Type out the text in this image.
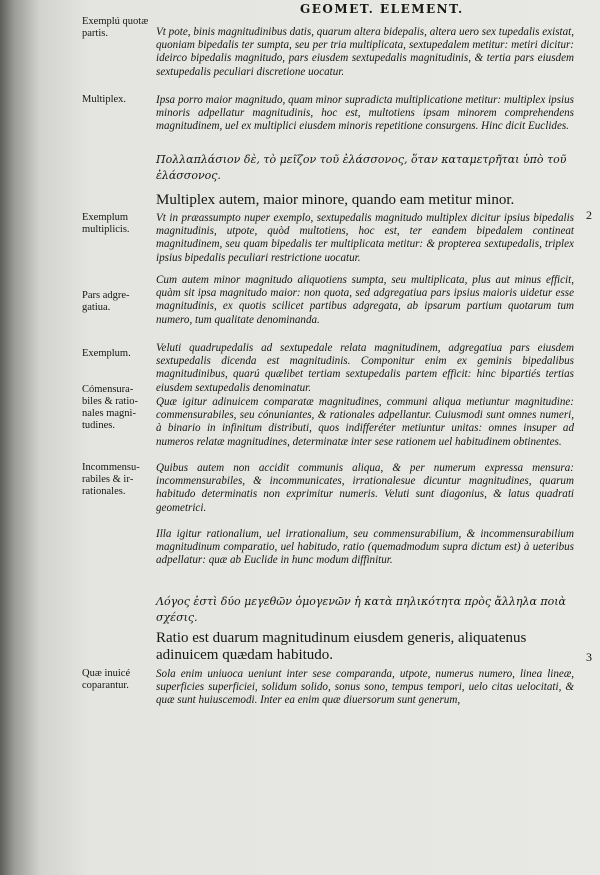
GEOMET. ELEMENT.
Exemplú quotæ partis.
Multiplex.
Exemplum multiplicis.
Pars adgregatiua.
Exemplum.
Cómensurabiles & rationales magnitudines.
Incommensurabiles & irrationales.
Quæ inuicé coparantur.
Vt pote, binis magnitudinibus datis, quarum altera bidepalis, altera uero sex tupedalis existat, quoniam bipedalis ter sumpta, seu per tria multiplicata, sextupedalem metitur: metiri dicitur: ideirco bipedalis magnitudo, pars eiusdem sextupedalis magnitudinis, & tertia pars eiusdem sextupedalis peculiari discretione uocatur.
Ipsa porro maior magnitudo, quam minor supradicta multiplicatione metitur: multiplex ipsius minoris adpellatur magnitudinis, hoc est, multotiens ipsam minorem comprehendens magnitudinem, uel ex multiplici eiusdem minoris repetitione consurgens. Hinc dicit Euclides.
Πολλαπλάσιον δὲ, τὸ μεῖζον τοῦ ἐλάσσονος, ὅταν καταμετρῆται ὑπὸ τοῦ ἐλάσσονος.
Multiplex autem, maior minore, quando eam metitur minor.
2
Vt in præassumpto nuper exemplo, sextupedalis magnitudo multiplex dicitur ipsius bipedalis magnitudinis, utpote, quòd multotiens, hoc est, ter eandem bipedalem contineat magnitudinem, seu quam bipedalis ter multiplicata metitur: & propterea sextupedalis, triplex ipsius bipedalis peculiari restrictione uocatur.
Cum autem minor magnitudo aliquotiens sumpta, seu multiplicata, plus aut minus efficit, quàm sit ipsa magnitudo maior: non quota, sed adgregatiua pars ipsius maioris uidetur esse magnitudinis, ex quotis scilicet partibus adgregata, ab ipsarum partium quotarum tum numero, tum qualitate denominanda.
Veluti quadrupedalis ad sextupedale relata magnitudinem, adgregatiua pars eiusdem sextupedalis dicenda est magnitudinis. Componitur enim ex geminis bipedalibus magnitudinibus, quarú quælibet tertiam sextupedalis partem efficit: hinc bipartiés tertias eiusdem sextupedalis denominatur.
Quæ igitur adinuicem comparatæ magnitudines, communi aliqua metiuntur magnitudine: commensurabiles, seu cónuniantes, & rationales adpellantur. Cuiusmodi sunt omnes numeri, à binario in infinitum distributi, quos indifferéter metiuntur unitas: omnes insuper ad numeros relatæ magnitudines, determinatæ inter sese rationem uel habitudinem obtinentes.
Quibus autem non accidit communis aliqua, & per numerum expressa mensura: incommensurabiles, & incommunicates, irrationalesue dicuntur magnitudines, quarum habitudo determinatis non exprimitur numeris. Veluti sunt diagonius, & latus quadrati geometrici.
Illa igitur rationalium, uel irrationalium, seu commensurabilium, & incommensurabilium magnitudinum comparatio, uel habitudo, ratio (quemadmodum supra dictum est) à ueteribus adpellatur: quæ ab Euclide in hunc modum diffinitur.
Λόγος ἐστὶ δύο μεγεθῶν ὁμογενῶν ἡ κατὰ πηλικότητα πρὸς ἄλληλα ποιὰ σχέσις.
Ratio est duarum magnitudinum eiusdem generis, aliquatenus adinuicem quædam habitudo.	3
Sola enim uniuoca ueniunt inter sese comparanda, utpote, numerus numero, linea lineæ, superficies superficiei, solidum solido, sonus sono, tempus tempori, uelo citas uelocitati, & quæ sunt huiuscemodi. Inter ea enim quæ diuersorum sunt generum,
